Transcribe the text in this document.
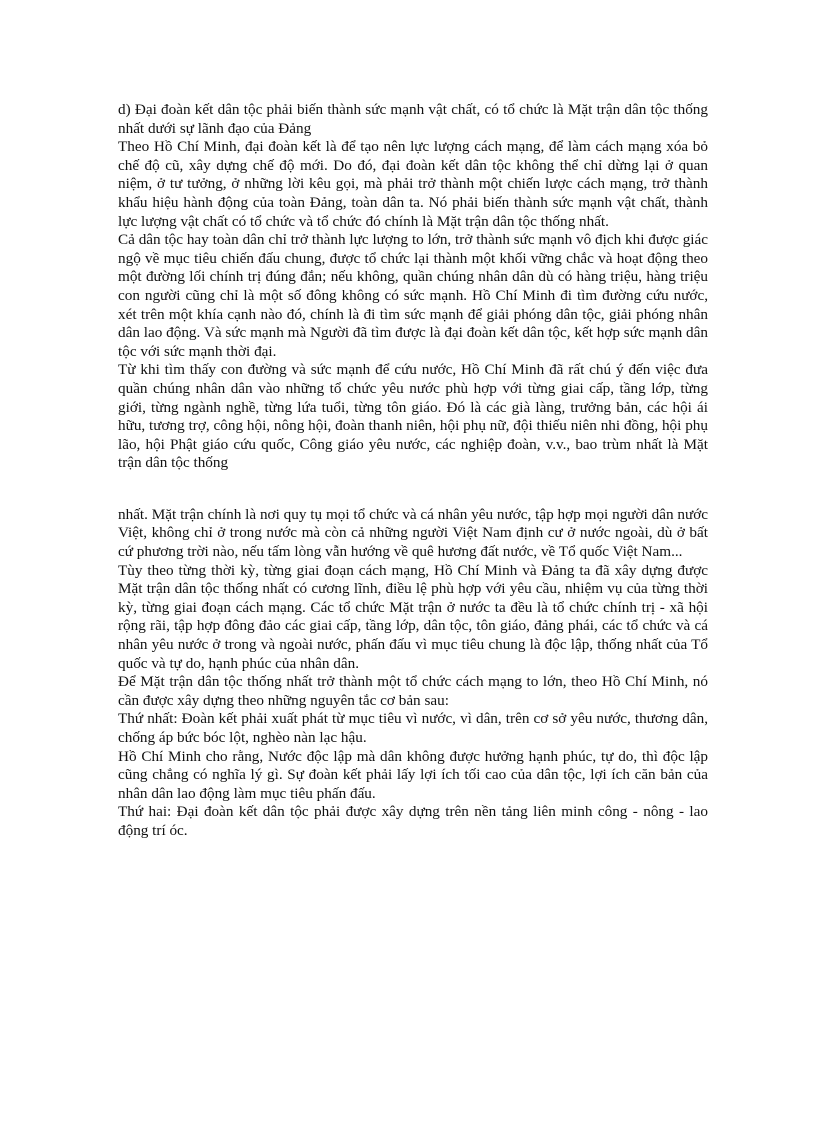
d) Đại đoàn kết dân tộc phải biến thành sức mạnh vật chất, có tổ chức là Mặt trận dân tộc thống nhất dưới sự lãnh đạo của Đảng

Theo Hồ Chí Minh, đại đoàn kết là để tạo nên lực lượng cách mạng, để làm cách mạng xóa bỏ chế độ cũ, xây dựng chế độ mới. Do đó, đại đoàn kết dân tộc không thể chỉ dừng lại ở quan niệm, ở tư tưởng, ở những lời kêu gọi, mà phải trở thành một chiến lược cách mạng, trở thành khẩu hiệu hành động của toàn Đảng, toàn dân ta. Nó phải biến thành sức mạnh vật chất, thành lực lượng vật chất có tổ chức và tổ chức đó chính là Mặt trận dân tộc thống nhất.

Cả dân tộc hay toàn dân chỉ trở thành lực lượng to lớn, trở thành sức mạnh vô địch khi được giác ngộ về mục tiêu chiến đấu chung, được tổ chức lại thành một khối vững chắc và hoạt động theo một đường lối chính trị đúng đắn; nếu không, quần chúng nhân dân dù có hàng triệu, hàng triệu con người cũng chỉ là một số đông không có sức mạnh. Hồ Chí Minh đi tìm đường cứu nước, xét trên một khía cạnh nào đó, chính là đi tìm sức mạnh để giải phóng dân tộc, giải phóng nhân dân lao động. Và sức mạnh mà Người đã tìm được là đại đoàn kết dân tộc, kết hợp sức mạnh dân tộc với sức mạnh thời đại.

Từ khi tìm thấy con đường và sức mạnh để cứu nước, Hồ Chí Minh đã rất chú ý đến việc đưa quần chúng nhân dân vào những tổ chức yêu nước phù hợp với từng giai cấp, tầng lớp, từng giới, từng ngành nghề, từng lứa tuổi, từng tôn giáo. Đó là các già làng, trưởng bản, các hội ái hữu, tương trợ, công hội, nông hội, đoàn thanh niên, hội phụ nữ, đội thiếu niên nhi đồng, hội phụ lão, hội Phật giáo cứu quốc, Công giáo yêu nước, các nghiệp đoàn, v.v., bao trùm nhất là Mặt trận dân tộc thống

nhất. Mặt trận chính là nơi quy tụ mọi tổ chức và cá nhân yêu nước, tập hợp mọi người dân nước Việt, không chỉ ở trong nước mà còn cả những người Việt Nam định cư ở nước ngoài, dù ở bất cứ phương trời nào, nếu tấm lòng vẫn hướng về quê hương đất nước, về Tổ quốc Việt Nam...

Tùy theo từng thời kỳ, từng giai đoạn cách mạng, Hồ Chí Minh và Đảng ta đã xây dựng được Mặt trận dân tộc thống nhất có cương lĩnh, điều lệ phù hợp với yêu cầu, nhiệm vụ của từng thời kỳ, từng giai đoạn cách mạng. Các tổ chức Mặt trận ở nước ta đều là tổ chức chính trị - xã hội rộng rãi, tập hợp đông đảo các giai cấp, tầng lớp, dân tộc, tôn giáo, đảng phái, các tổ chức và cá nhân yêu nước ở trong và ngoài nước, phấn đấu vì mục tiêu chung là độc lập, thống nhất của Tổ quốc và tự do, hạnh phúc của nhân dân.

Để Mặt trận dân tộc thống nhất trở thành một tổ chức cách mạng to lớn, theo Hồ Chí Minh, nó cần được xây dựng theo những nguyên tắc cơ bản sau:

Thứ nhất: Đoàn kết phải xuất phát từ mục tiêu vì nước, vì dân, trên cơ sở yêu nước, thương dân, chống áp bức bóc lột, nghèo nàn lạc hậu.

Hồ Chí Minh cho rằng, Nước độc lập mà dân không được hưởng hạnh phúc, tự do, thì độc lập cũng chẳng có nghĩa lý gì. Sự đoàn kết phải lấy lợi ích tối cao của dân tộc, lợi ích căn bản của nhân dân lao động làm mục tiêu phấn đấu.

Thứ hai: Đại đoàn kết dân tộc phải được xây dựng trên nền tảng liên minh công - nông - lao động trí óc.
